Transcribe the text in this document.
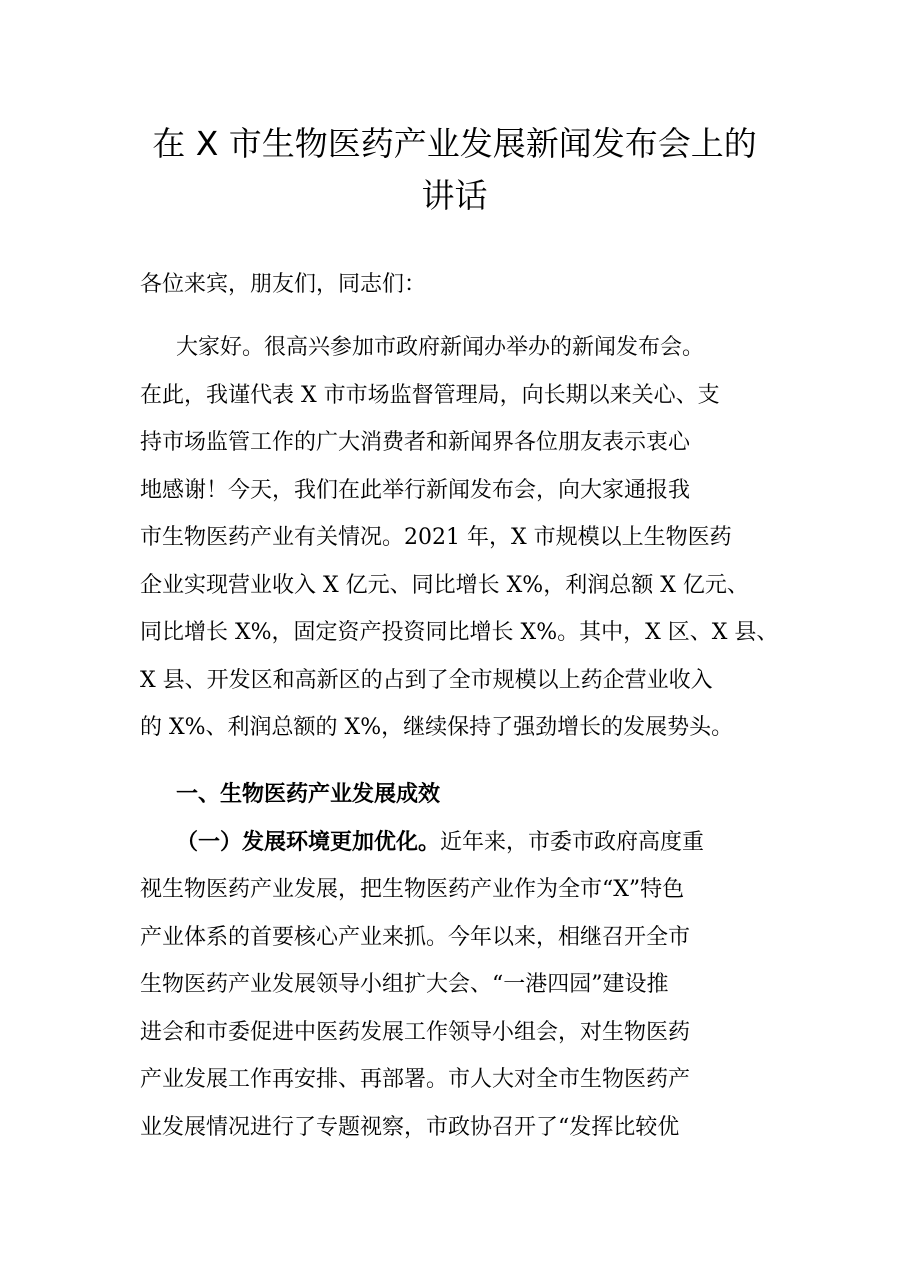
在 X 市生物医药产业发展新闻发布会上的
讲话

各位来宾，朋友们，同志们：

大家好。很高兴参加市政府新闻办举办的新闻发布会。
在此，我谨代表 X 市市场监督管理局，向长期以来关心、支
持市场监管工作的广大消费者和新闻界各位朋友表示衷心
地感谢！今天，我们在此举行新闻发布会，向大家通报我
市生物医药产业有关情况。2021 年，X 市规模以上生物医药
企业实现营业收入 X 亿元、同比增长 X%，利润总额 X 亿元、
同比增长 X%，固定资产投资同比增长 X%。其中，X 区、X 县、
X 县、开发区和高新区的占到了全市规模以上药企营业收入
的 X%、利润总额的 X%，继续保持了强劲增长的发展势头。
一、生物医药产业发展成效
（一）发展环境更加优化。近年来，市委市政府高度重
视生物医药产业发展，把生物医药产业作为全市“X”特色
产业体系的首要核心产业来抓。今年以来，相继召开全市
生物医药产业发展领导小组扩大会、“一港四园”建设推
进会和市委促进中医药发展工作领导小组会，对生物医药
产业发展工作再安排、再部署。市人大对全市生物医药产
业发展情况进行了专题视察，市政协召开了“发挥比较优
